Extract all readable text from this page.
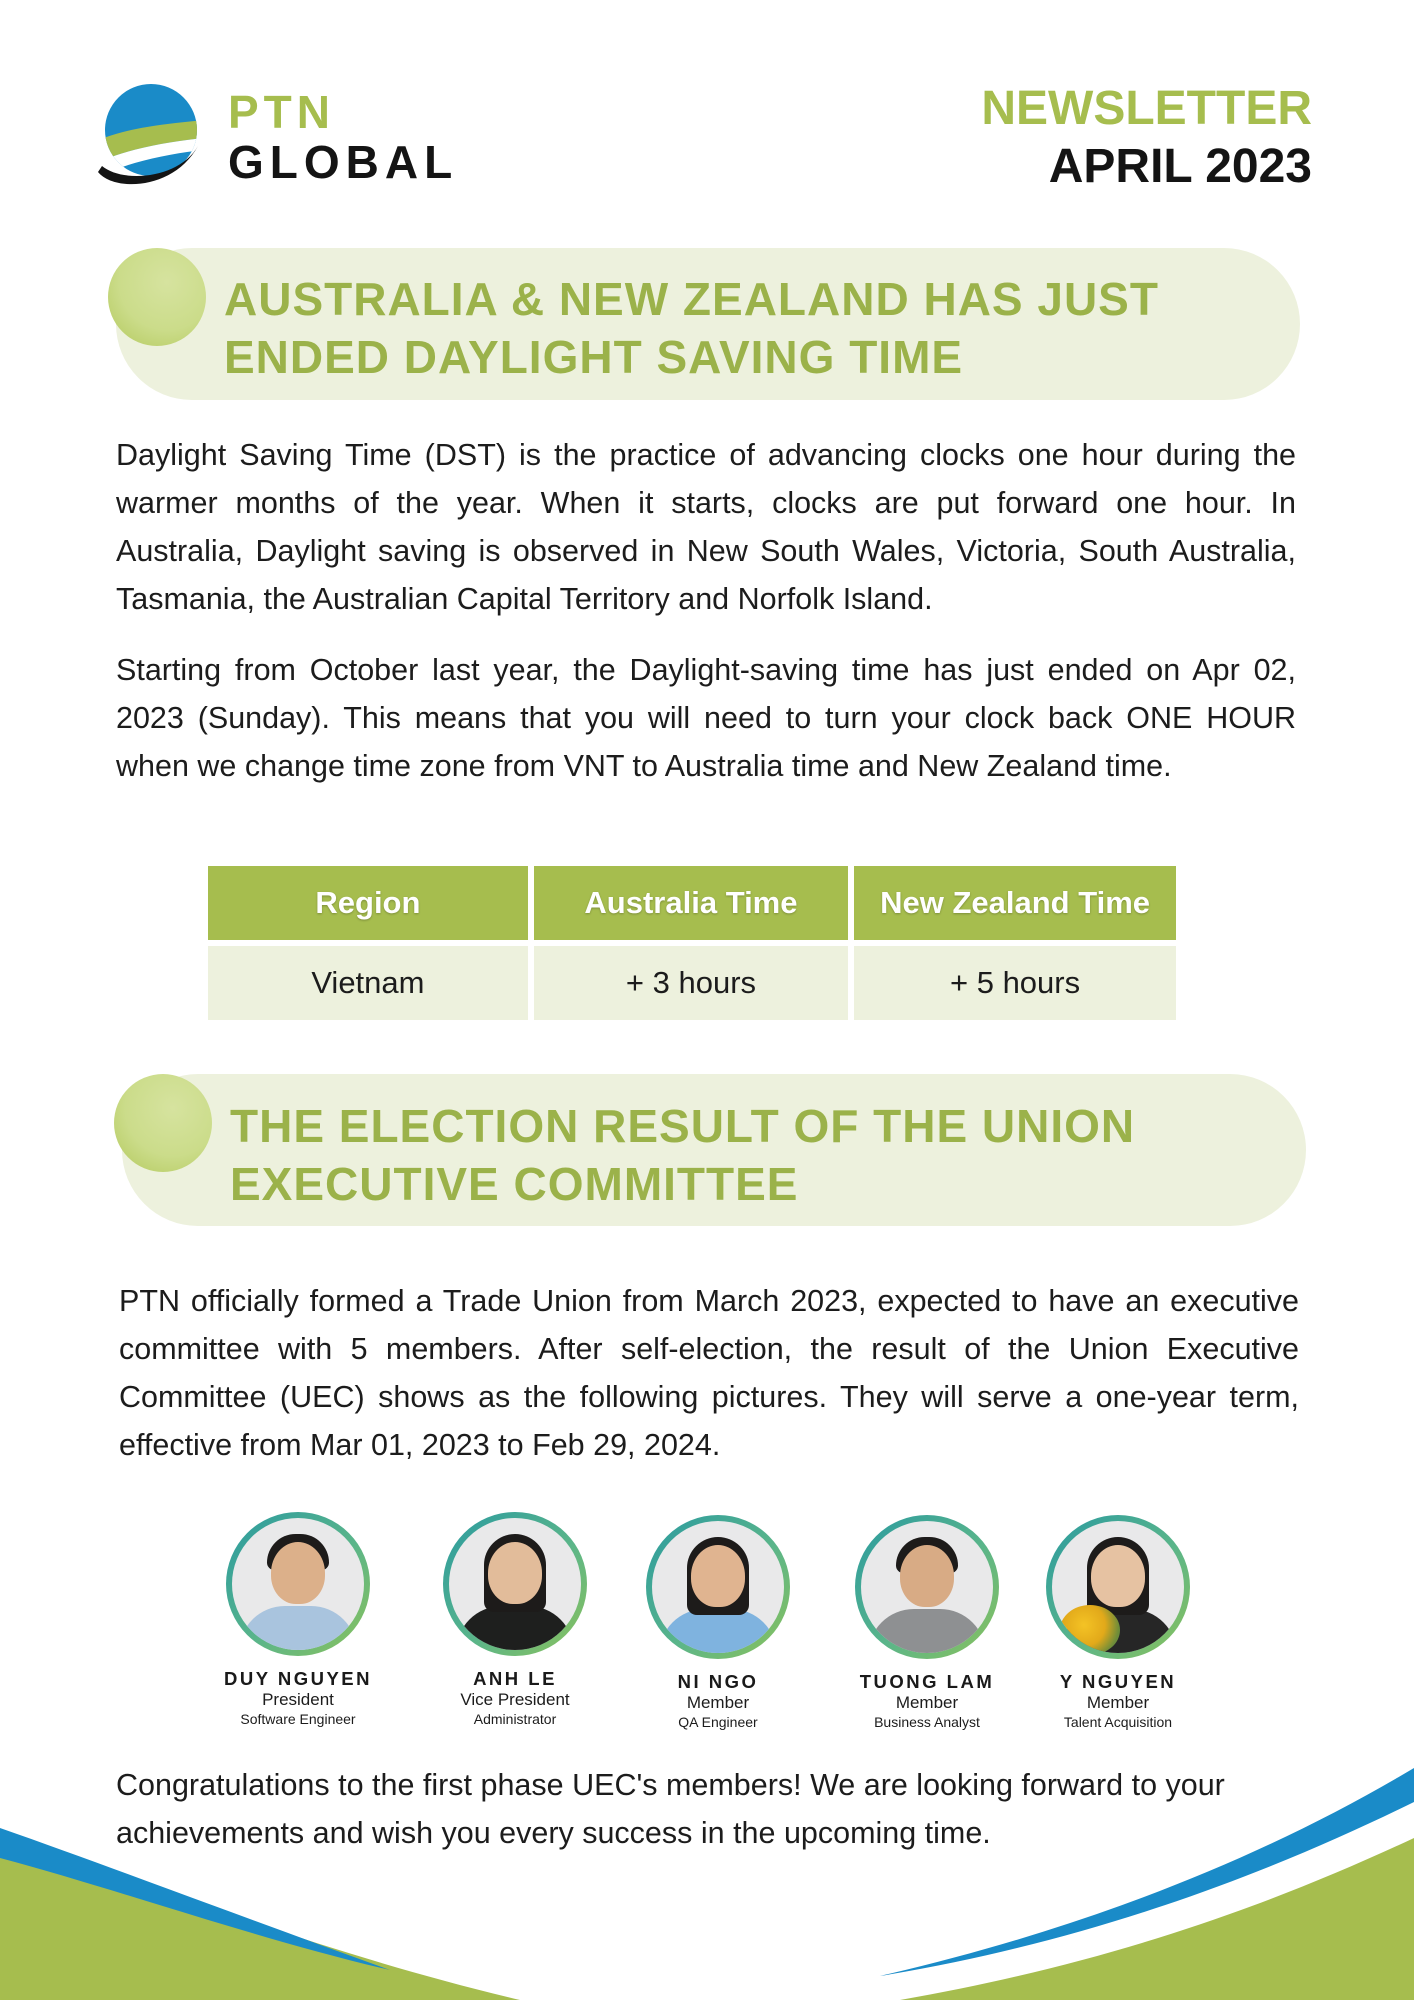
PTN
GLOBAL
NEWSLETTER
APRIL 2023
AUSTRALIA & NEW ZEALAND HAS JUST
ENDED DAYLIGHT SAVING TIME

Daylight Saving Time (DST) is the practice of advancing clocks one hour during the warmer months of the year. When it starts, clocks are put forward one hour. In Australia, Daylight saving is observed in New South Wales, Victoria, South Australia, Tasmania, the Australian Capital Territory and Norfolk Island.

Starting from October last year, the Daylight-saving time has just ended on Apr 02, 2023 (Sunday). This means that you will need to turn your clock back ONE HOUR when we change time zone from VNT to Australia time and New Zealand time.

Region	Australia Time	New Zealand Time
Vietnam	+ 3 hours	+ 5 hours
THE ELECTION RESULT OF THE UNION
EXECUTIVE COMMITTEE

PTN officially formed a Trade Union from March 2023, expected to have an executive committee with 5 members. After self-election, the result of the Union Executive Committee (UEC) shows as the following pictures. They will serve a one-year term, effective from Mar 01, 2023 to Feb 29, 2024.

DUY NGUYEN
President
Software Engineer
ANH LE
Vice President
Administrator
NI NGO
Member
QA Engineer
TUONG LAM
Member
Business Analyst
Y NGUYEN
Member
Talent Acquisition

Congratulations to the first phase UEC's members! We are looking forward to your achievements and wish you every success in the upcoming time.
